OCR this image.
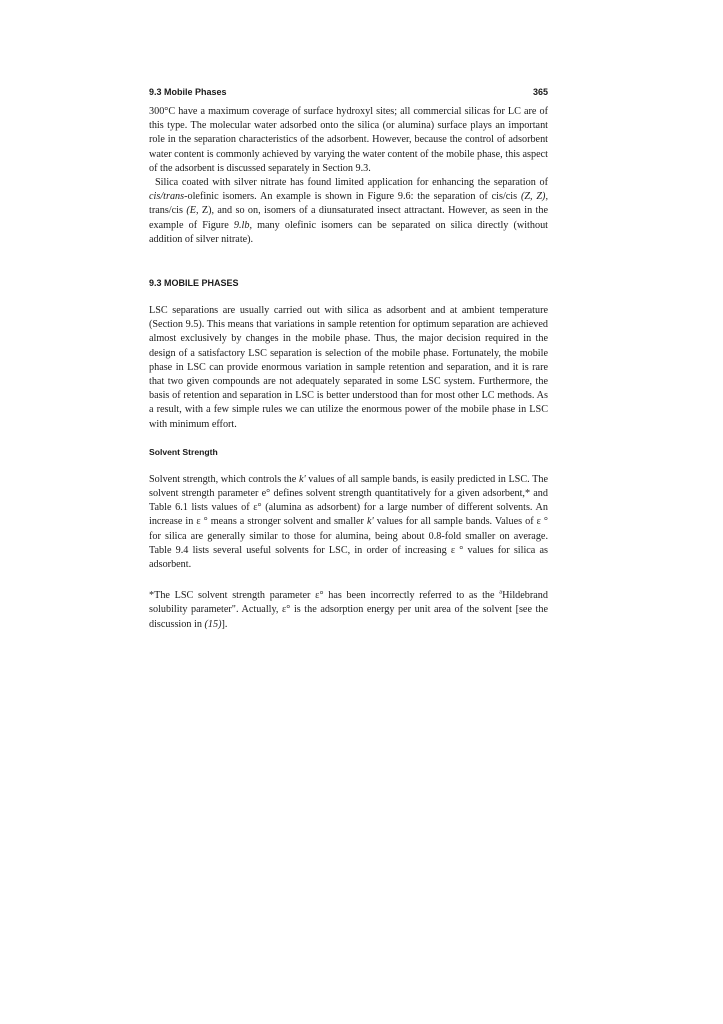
9.3 Mobile Phases	365

300°C have a maximum coverage of surface hydroxyl sites; all commercial silicas for LC are of this type. The molecular water adsorbed onto the silica (or alumina) surface plays an important role in the separation characteristics of the adsorbent. However, because the control of adsorbent water content is commonly achieved by varying the water content of the mobile phase, this aspect of the adsorbent is discussed separately in Section 9.3.

Silica coated with silver nitrate has found limited application for enhancing the separation of cis/trans-olefinic isomers. An example is shown in Figure 9.6: the separation of cis/cis (Z, Z), trans/cis (E, Z), and so on, isomers of a diunsaturated insect attractant. However, as seen in the example of Figure 9.lb, many olefinic isomers can be separated on silica directly (without addition of silver nitrate).

9.3 MOBILE PHASES

LSC separations are usually carried out with silica as adsorbent and at ambient temperature (Section 9.5). This means that variations in sample retention for optimum separation are achieved almost exclusively by changes in the mobile phase. Thus, the major decision required in the design of a satisfactory LSC separation is selection of the mobile phase. Fortunately, the mobile phase in LSC can provide enormous variation in sample retention and separation, and it is rare that two given compounds are not adequately separated in some LSC system. Furthermore, the basis of retention and separation in LSC is better understood than for most other LC methods. As a result, with a few simple rules we can utilize the enormous power of the mobile phase in LSC with minimum effort.

Solvent Strength

Solvent strength, which controls the k' values of all sample bands, is easily predicted in LSC. The solvent strength parameter e° defines solvent strength quantitatively for a given adsorbent,* and Table 6.1 lists values of ε° (alumina as adsorbent) for a large number of different solvents. An increase in ε ° means a stronger solvent and smaller k' values for all sample bands. Values of ε ° for silica are generally similar to those for alumina, being about 0.8-fold smaller on average. Table 9.4 lists several useful solvents for LSC, in order of increasing ε ° values for silica as adsorbent.

*The LSC solvent strength parameter ε° has been incorrectly referred to as the $^a$Hildebrand solubility parameter". Actually, ε° is the adsorption energy per unit area of the solvent [see the discussion in (15)].
